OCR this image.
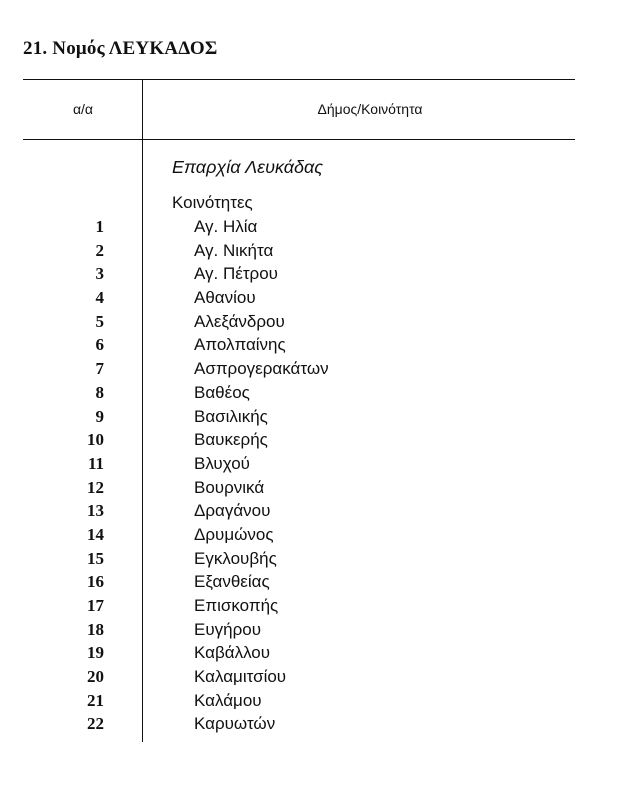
21. Νομός ΛΕΥΚΑΔΟΣ
α/α	Δήμος/Κοινότητα
Επαρχία Λευκάδας
Κοινότητες
1	Αγ. Ηλία
2	Αγ. Νικήτα
3	Αγ. Πέτρου
4	Αθανίου
5	Αλεξάνδρου
6	Απολπαίνης
7	Ασπρογερακάτων
8	Βαθέος
9	Βασιλικής
10	Βαυκερής
11	Βλυχού
12	Βουρνικά
13	Δραγάνου
14	Δρυμώνος
15	Εγκλουβής
16	Εξανθείας
17	Επισκοπής
18	Ευγήρου
19	Καβάλλου
20	Καλαμιτσίου
21	Καλάμου
22	Καρυωτών
